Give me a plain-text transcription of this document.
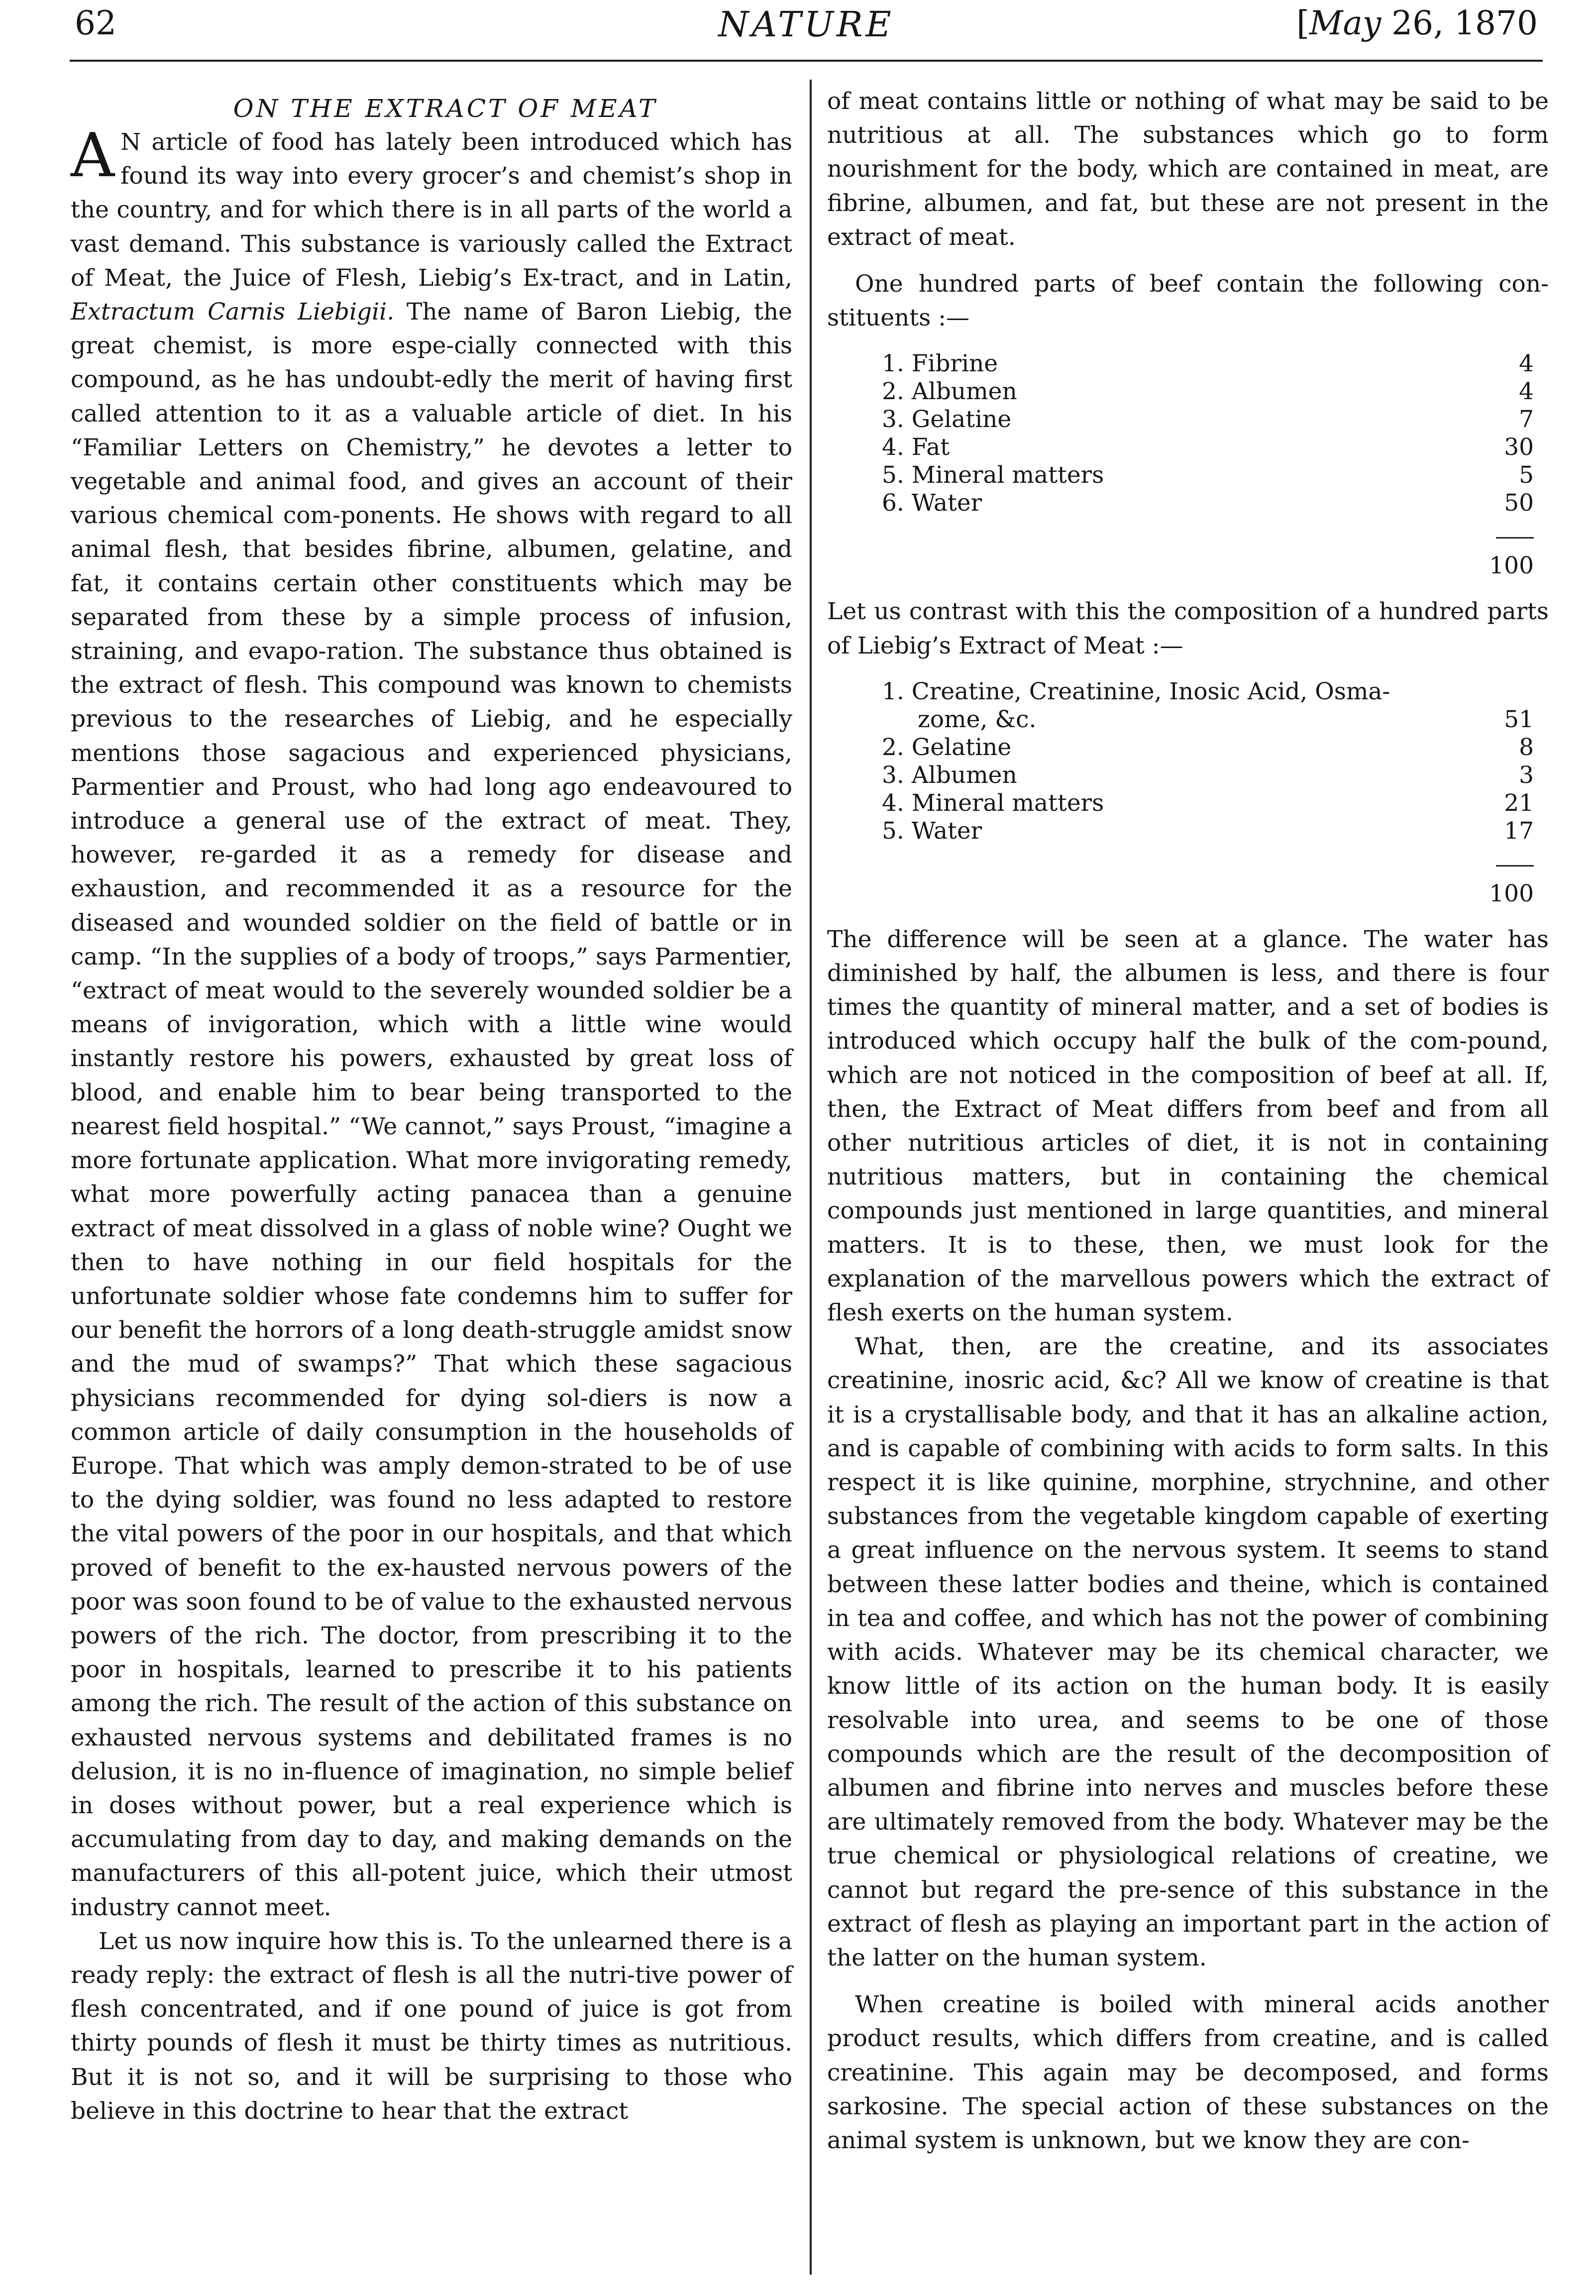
62	NATURE	[May 26, 1870

ON THE EXTRACT OF MEAT

A N article of food has lately been introduced which has found its way into every grocer’s and chemist’s shop in the country, and for which there is in all parts of the world a vast demand. This substance is variously called the Extract of Meat, the Juice of Flesh, Liebig’s Ex-tract, and in Latin, Extractum Carnis Liebigii. The name of Baron Liebig, the great chemist, is more espe-cially connected with this compound, as he has undoubt-edly the merit of having first called attention to it as a valuable article of diet. In his “Familiar Letters on Chemistry,” he devotes a letter to vegetable and animal food, and gives an account of their various chemical com-ponents. He shows with regard to all animal flesh, that besides fibrine, albumen, gelatine, and fat, it contains certain other constituents which may be separated from these by a simple process of infusion, straining, and evapo-ration. The substance thus obtained is the extract of flesh. This compound was known to chemists previous to the researches of Liebig, and he especially mentions those sagacious and experienced physicians, Parmentier and Proust, who had long ago endeavoured to introduce a general use of the extract of meat. They, however, re-garded it as a remedy for disease and exhaustion, and recommended it as a resource for the diseased and wounded soldier on the field of battle or in camp. “In the supplies of a body of troops,” says Parmentier, “extract of meat would to the severely wounded soldier be a means of invigoration, which with a little wine would instantly restore his powers, exhausted by great loss of blood, and enable him to bear being transported to the nearest field hospital.” “We cannot,” says Proust, “imagine a more fortunate application. What more invigorating remedy, what more powerfully acting panacea than a genuine extract of meat dissolved in a glass of noble wine? Ought we then to have nothing in our field hospitals for the unfortunate soldier whose fate condemns him to suffer for our benefit the horrors of a long death-struggle amidst snow and the mud of swamps?” That which these sagacious physicians recommended for dying sol-diers is now a common article of daily consumption in the households of Europe. That which was amply demon-strated to be of use to the dying soldier, was found no less adapted to restore the vital powers of the poor in our hospitals, and that which proved of benefit to the ex-hausted nervous powers of the poor was soon found to be of value to the exhausted nervous powers of the rich. The doctor, from prescribing it to the poor in hospitals, learned to prescribe it to his patients among the rich. The result of the action of this substance on exhausted nervous systems and debilitated frames is no delusion, it is no in-fluence of imagination, no simple belief in doses without power, but a real experience which is accumulating from day to day, and making demands on the manufacturers of this all-potent juice, which their utmost industry cannot meet.

Let us now inquire how this is. To the unlearned there is a ready reply: the extract of flesh is all the nutri-tive power of flesh concentrated, and if one pound of juice is got from thirty pounds of flesh it must be thirty times as nutritious. But it is not so, and it will be surprising to those who believe in this doctrine to hear that the extract

of meat contains little or nothing of what may be said to be nutritious at all. The substances which go to form nourishment for the body, which are contained in meat, are fibrine, albumen, and fat, but these are not present in the extract of meat.

One hundred parts of beef contain the following con-stituents :—

1. Fibrine	4
2. Albumen	4
3. Gelatine	7
4. Fat	30
5. Mineral matters	5
6. Water	50
100

Let us contrast with this the composition of a hundred parts of Liebig’s Extract of Meat :—

1. Creatine, Creatinine, Inosic Acid, Osma-
zome, &c.	51
2. Gelatine	8
3. Albumen	3
4. Mineral matters	21
5. Water	17
100

The difference will be seen at a glance. The water has diminished by half, the albumen is less, and there is four times the quantity of mineral matter, and a set of bodies is introduced which occupy half the bulk of the com-pound, which are not noticed in the composition of beef at all. If, then, the Extract of Meat differs from beef and from all other nutritious articles of diet, it is not in containing nutritious matters, but in containing the chemical compounds just mentioned in large quantities, and mineral matters. It is to these, then, we must look for the explanation of the marvellous powers which the extract of flesh exerts on the human system.

What, then, are the creatine, and its associates creatinine, inosric acid, &c? All we know of creatine is that it is a crystallisable body, and that it has an alkaline action, and is capable of combining with acids to form salts. In this respect it is like quinine, morphine, strychnine, and other substances from the vegetable kingdom capable of exerting a great influence on the nervous system. It seems to stand between these latter bodies and theine, which is contained in tea and coffee, and which has not the power of combining with acids. Whatever may be its chemical character, we know little of its action on the human body. It is easily resolvable into urea, and seems to be one of those compounds which are the result of the decomposition of albumen and fibrine into nerves and muscles before these are ultimately removed from the body. Whatever may be the true chemical or physiological relations of creatine, we cannot but regard the pre-sence of this substance in the extract of flesh as playing an important part in the action of the latter on the human system.

When creatine is boiled with mineral acids another product results, which differs from creatine, and is called creatinine. This again may be decomposed, and forms sarkosine. The special action of these substances on the animal system is unknown, but we know they are con-
